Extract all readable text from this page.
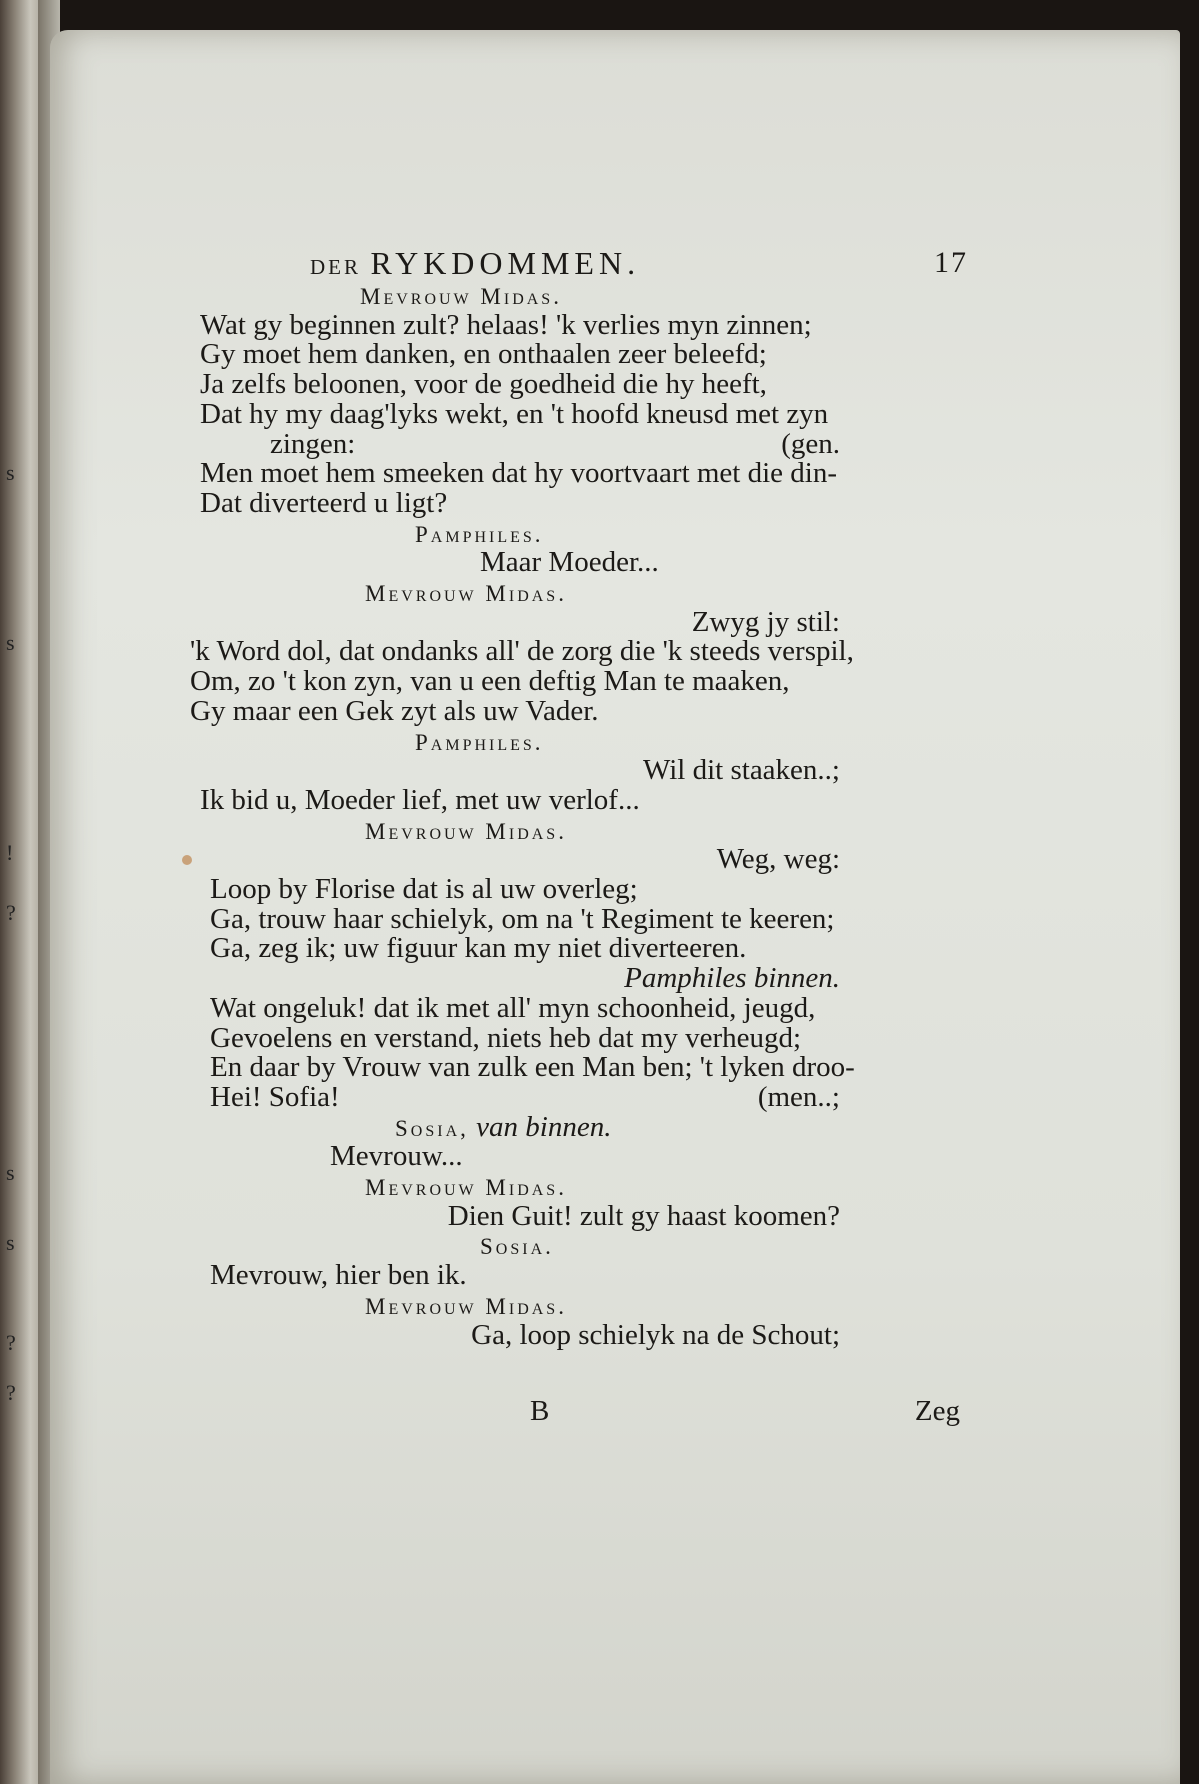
s
s
!
?
s
s
?
?
DER RYKDOMMEN.	17
Mevrouw Midas.
Wat gy beginnen zult? helaas! 'k verlies myn zinnen;
Gy moet hem danken, en onthaalen zeer beleefd;
Ja zelfs beloonen, voor de goedheid die hy heeft,
Dat hy my daag'lyks wekt, en 't hoofd kneusd met zyn
zingen:	(gen.
Men moet hem smeeken dat hy voortvaart met die din-
Dat diverteerd u ligt?
Pamphiles.
Maar Moeder...
Mevrouw Midas.
Zwyg jy stil:
'k Word dol, dat ondanks all' de zorg die 'k steeds verspil,
Om, zo 't kon zyn, van u een deftig Man te maaken,
Gy maar een Gek zyt als uw Vader.
Pamphiles.
Wil dit staaken..;
Ik bid u, Moeder lief, met uw verlof...
Mevrouw Midas.
Weg, weg:
Loop by Florise dat is al uw overleg;
Ga, trouw haar schielyk, om na 't Regiment te keeren;
Ga, zeg ik; uw figuur kan my niet diverteeren.
Pamphiles binnen.
Wat ongeluk! dat ik met all' myn schoonheid, jeugd,
Gevoelens en verstand, niets heb dat my verheugd;
En daar by Vrouw van zulk een Man ben; 't lyken droo-
Hei! Sofia!	(men..;
Sosia, van binnen.
Mevrouw...
Mevrouw Midas.
Dien Guit! zult gy haast koomen?
Sosia.
Mevrouw, hier ben ik.
Mevrouw Midas.
Ga, loop schielyk na de Schout;
B	Zeg
